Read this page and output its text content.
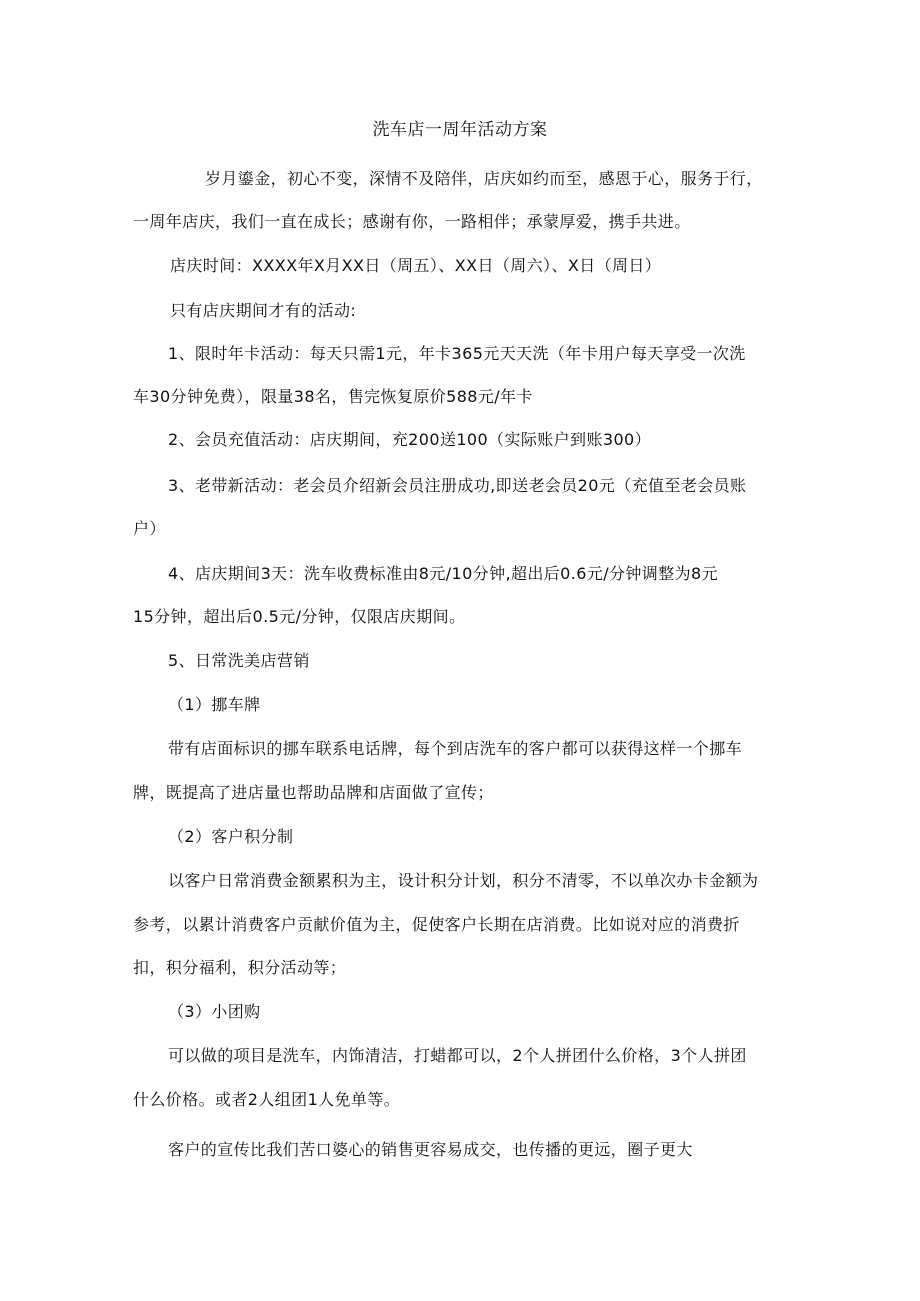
洗车店一周年活动方案
岁月鎏金，初心不变，深情不及陪伴，店庆如约而至，感恩于心，服务于行，
一周年店庆，我们一直在成长；感谢有你，一路相伴；承蒙厚爱，携手共进。
店庆时间：XXXX年X月XX日（周五）、XX日（周六）、X日（周日）
只有店庆期间才有的活动:
1、限时年卡活动：每天只需1元，年卡365元天天洗（年卡用户每天享受一次洗
车30分钟免费），限量38名，售完恢复原价588元/年卡
2、会员充值活动：店庆期间，充200送100（实际账户到账300）
3、老带新活动：老会员介绍新会员注册成功,即送老会员20元（充值至老会员账
户）
4、店庆期间3天：洗车收费标准由8元/10分钟,超出后0.6元/分钟调整为8元
15分钟，超出后0.5元/分钟，仅限店庆期间。
5、日常洗美店营销
（1）挪车牌
带有店面标识的挪车联系电话牌，每个到店洗车的客户都可以获得这样一个挪车
牌，既提高了进店量也帮助品牌和店面做了宣传；
（2）客户积分制
以客户日常消费金额累积为主，设计积分计划，积分不清零，不以单次办卡金额为
参考，以累计消费客户贡献价值为主，促使客户长期在店消费。比如说对应的消费折
扣，积分福利，积分活动等；
（3）小团购
可以做的项目是洗车，内饰清洁，打蜡都可以，2个人拼团什么价格，3个人拼团
什么价格。或者2人组团1人免单等。
客户的宣传比我们苦口婆心的销售更容易成交，也传播的更远，圈子更大
